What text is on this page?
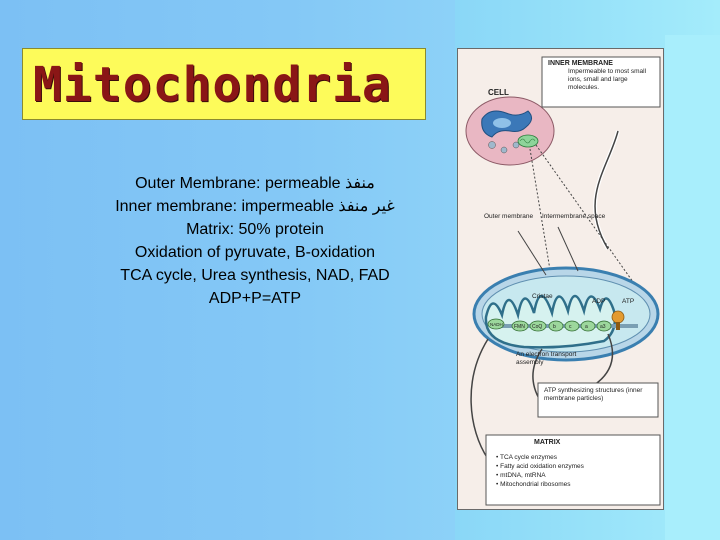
Mitochondria
Outer Membrane: permeable منفذ
Inner membrane: impermeable غير منفذ
Matrix: 50% protein
Oxidation of pyruvate, B-oxidation
TCA cycle, Urea synthesis, NAD, FAD
ADP+P=ATP
CELL
INNER MEMBRANE
Impermeable to most small ions, small and large molecules.
Outer membrane Intermembrane space
Cristae
ADP	ATP
NADH FMN CoQ b	c	a a3
An electron transport assembly
ATP synthesizing structures (inner membrane particles)
MATRIX
• TCA cycle enzymes
• Fatty acid oxidation enzymes
• mtDNA, mtRNA
• Mitochondrial ribosomes
